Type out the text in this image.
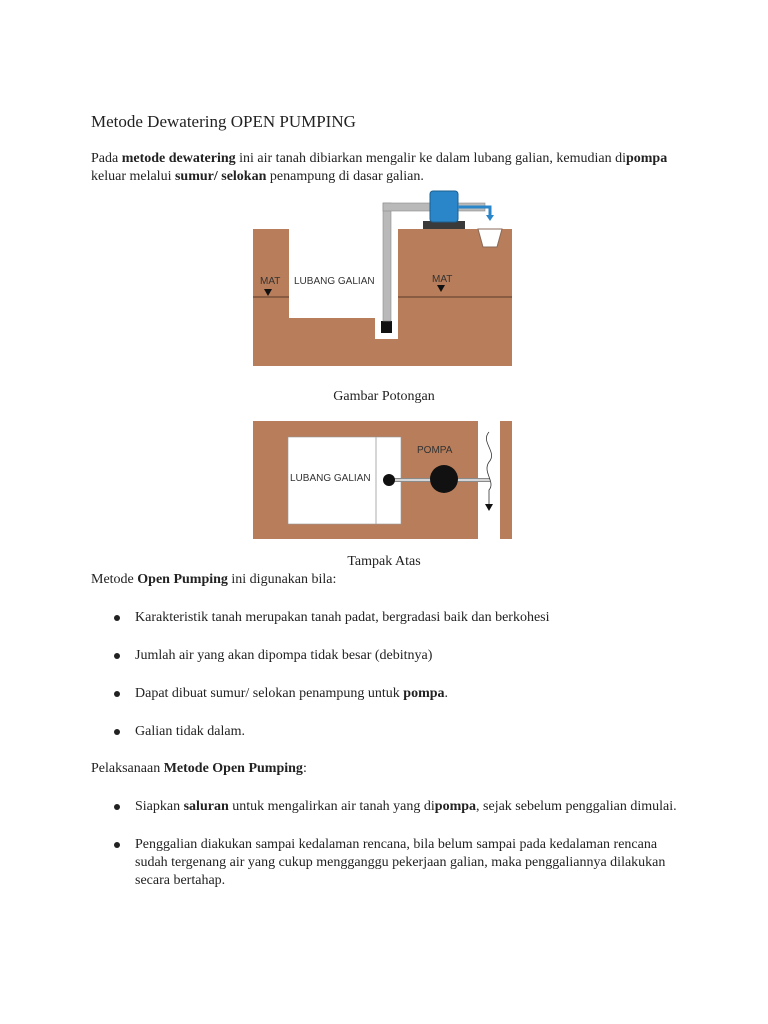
Metode Dewatering OPEN PUMPING

Pada metode dewatering ini air tanah dibiarkan mengalir ke dalam lubang galian, kemudian dipompa keluar melalui sumur/ selokan penampung di dasar galian.

MAT LUBANG GALIAN	MAT
Gambar Potongan
LUBANG GALIAN
POMPA
Tampak Atas

Metode Open Pumping ini digunakan bila:

Karakteristik tanah merupakan tanah padat, bergradasi baik dan berkohesi
Jumlah air yang akan dipompa tidak besar (debitnya)
Dapat dibuat sumur/ selokan penampung untuk pompa.
Galian tidak dalam.

Pelaksanaan Metode Open Pumping:

Siapkan saluran untuk mengalirkan air tanah yang dipompa, sejak sebelum penggalian dimulai.
Penggalian diakukan sampai kedalaman rencana, bila belum sampai pada kedalaman rencana sudah tergenang air yang cukup mengganggu pekerjaan galian, maka penggaliannya dilakukan secara bertahap.
